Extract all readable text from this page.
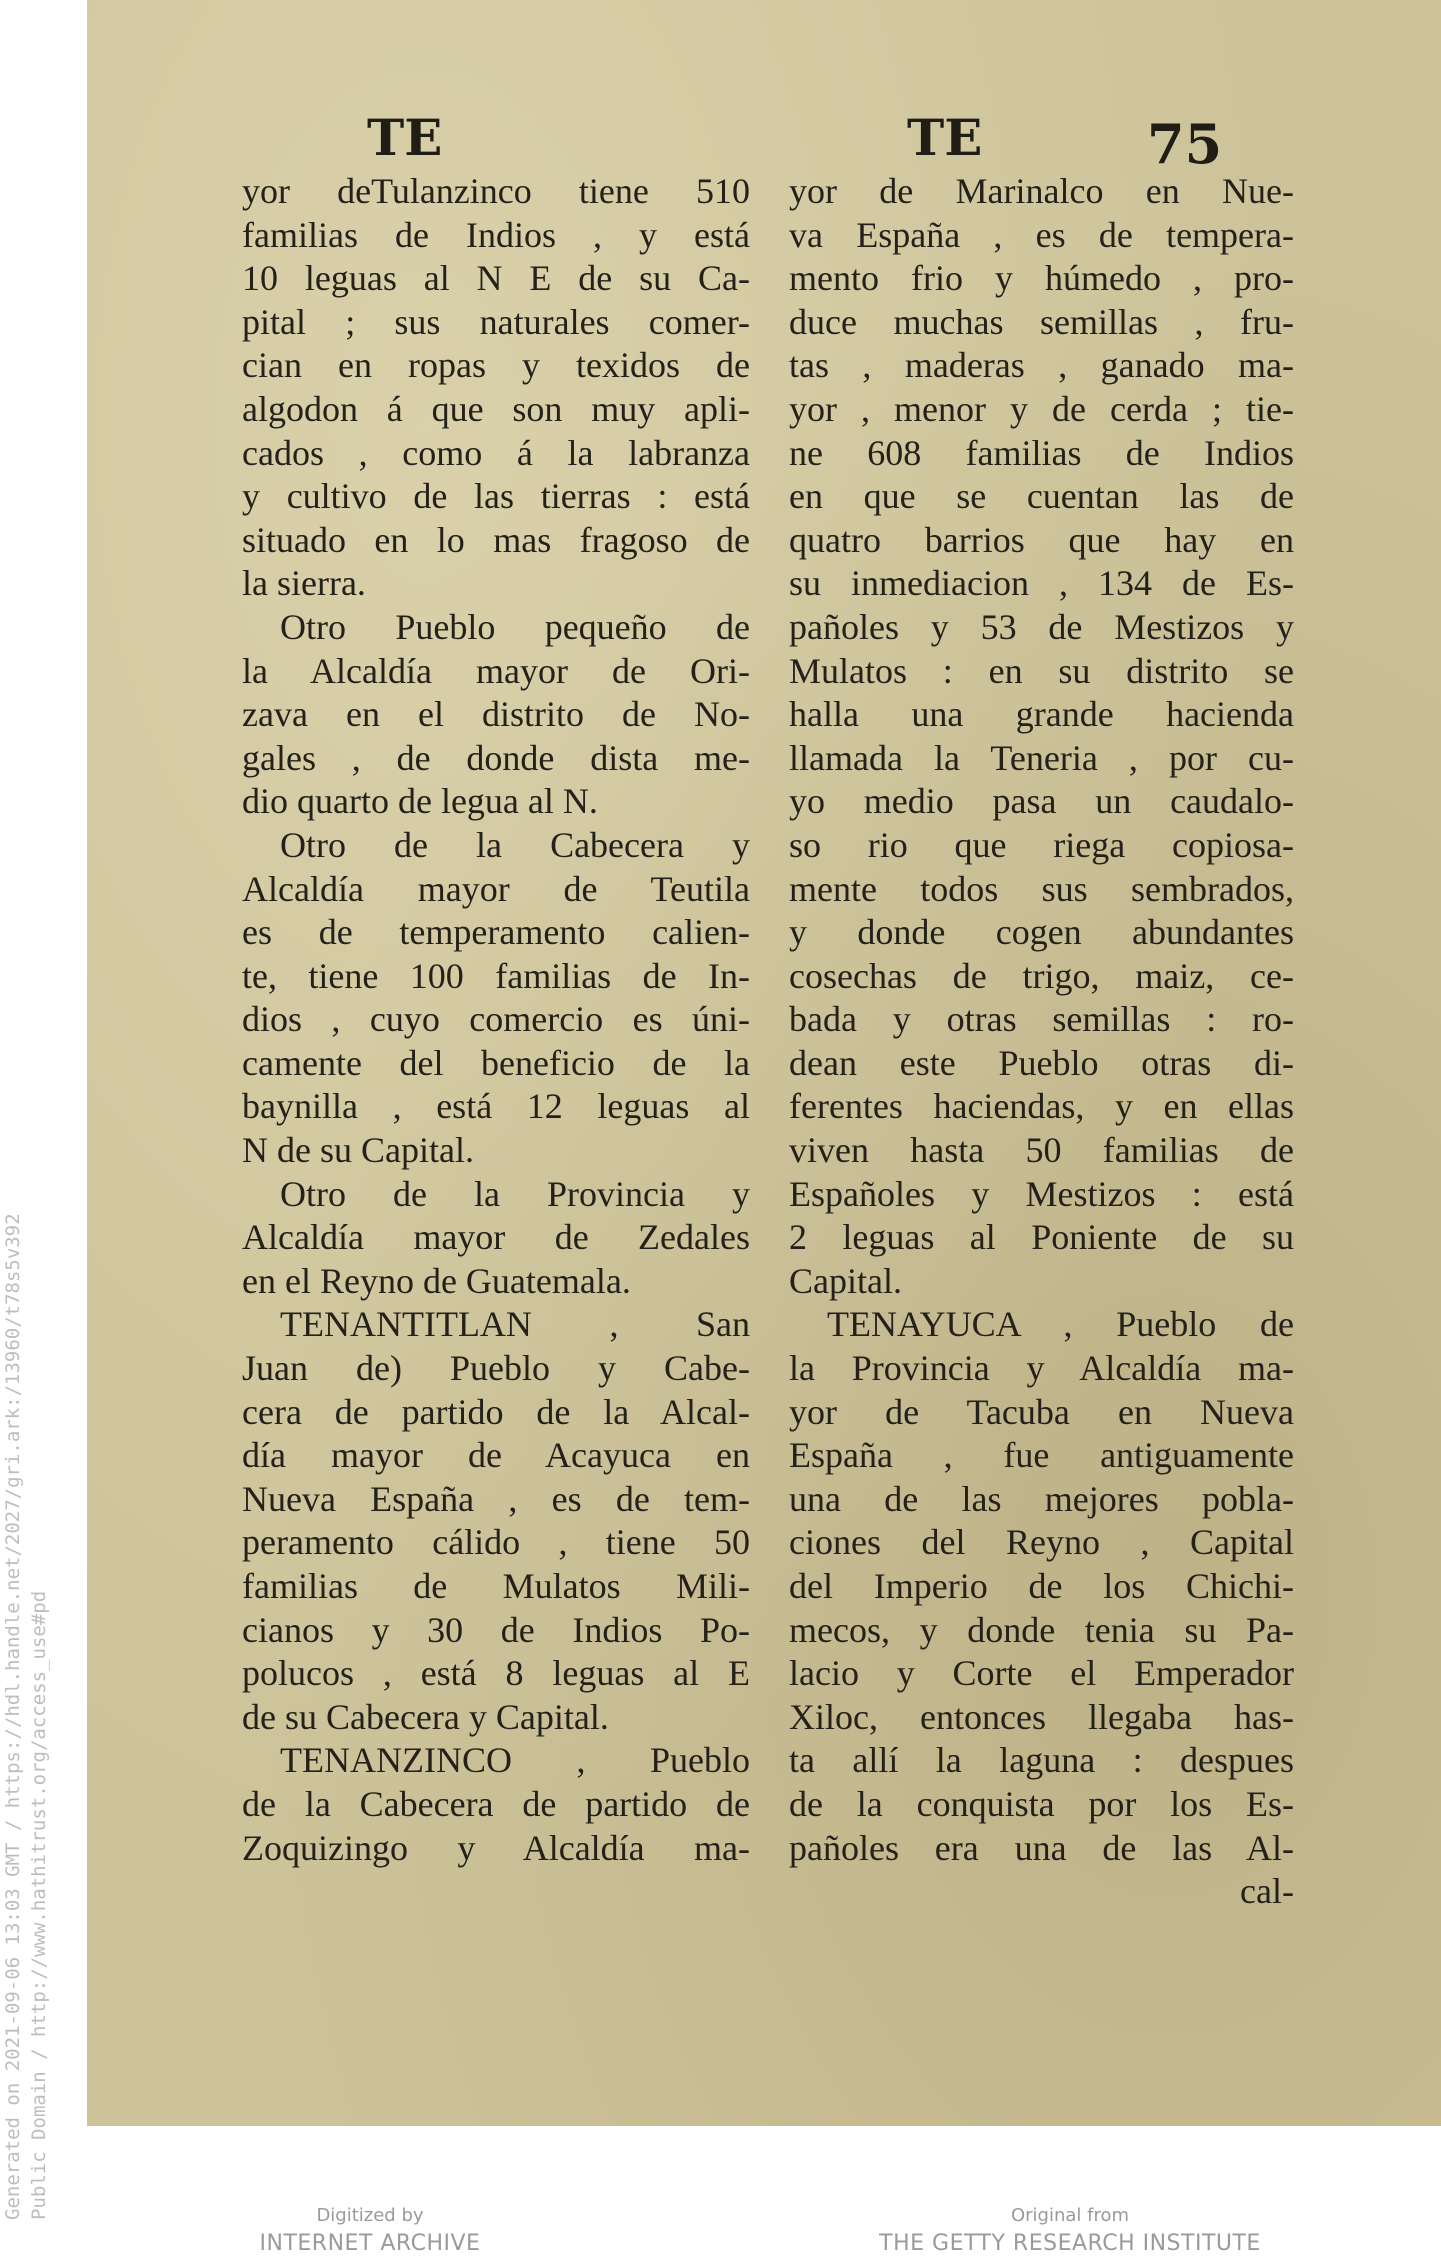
Generated on 2021-09-06 13:03 GMT / https://hdl.handle.net/2027/gri.ark:/13960/t78s5v392 Public Domain / http://www.hathitrust.org/access_use#pd
TE	TE	75
yor deTulanzinco tiene 510
familias de Indios , y está
10 leguas al N E de su Ca-
pital ; sus naturales comer-
cian en ropas y texidos de
algodon á que son muy apli-
cados , como á la labranza
y cultivo de las tierras : está
situado en lo mas fragoso de
la sierra.
Otro Pueblo pequeño de
la Alcaldía mayor de Ori-
zava en el distrito de No-
gales , de donde dista me-
dio quarto de legua al N.
Otro de la Cabecera y
Alcaldía mayor de Teutila
es de temperamento calien-
te, tiene 100 familias de In-
dios , cuyo comercio es úni-
camente del beneficio de la
baynilla , está 12 leguas al
N de su Capital.
Otro de la Provincia y
Alcaldía mayor de Zedales
en el Reyno de Guatemala.
TENANTITLAN , San
Juan de) Pueblo y Cabe-
cera de partido de la Alcal-
día mayor de Acayuca en
Nueva España , es de tem-
peramento cálido , tiene 50
familias de Mulatos Mili-
cianos y 30 de Indios Po-
polucos , está 8 leguas al E
de su Cabecera y Capital.
TENANZINCO , Pueblo
de la Cabecera de partido de
Zoquizingo y Alcaldía ma-
yor de Marinalco en Nue-
va España , es de tempera-
mento frio y húmedo , pro-
duce muchas semillas , fru-
tas , maderas , ganado ma-
yor , menor y de cerda ; tie-
ne 608 familias de Indios
en que se cuentan las de
quatro barrios que hay en
su inmediacion , 134 de Es-
pañoles y 53 de Mestizos y
Mulatos : en su distrito se
halla una grande hacienda
llamada la Teneria , por cu-
yo medio pasa un caudalo-
so rio que riega copiosa-
mente todos sus sembrados,
y donde cogen abundantes
cosechas de trigo, maiz, ce-
bada y otras semillas : ro-
dean este Pueblo otras di-
ferentes haciendas, y en ellas
viven hasta 50 familias de
Españoles y Mestizos : está
2 leguas al Poniente de su
Capital.
TENAYUCA , Pueblo de
la Provincia y Alcaldía ma-
yor de Tacuba en Nueva
España , fue antiguamente
una de las mejores pobla-
ciones del Reyno , Capital
del Imperio de los Chichi-
mecos, y donde tenia su Pa-
lacio y Corte el Emperador
Xiloc, entonces llegaba has-
ta allí la laguna : despues
de la conquista por los Es-
pañoles era una de las Al-
cal-
Digitized by
INTERNET ARCHIVE
Original from
THE GETTY RESEARCH INSTITUTE
